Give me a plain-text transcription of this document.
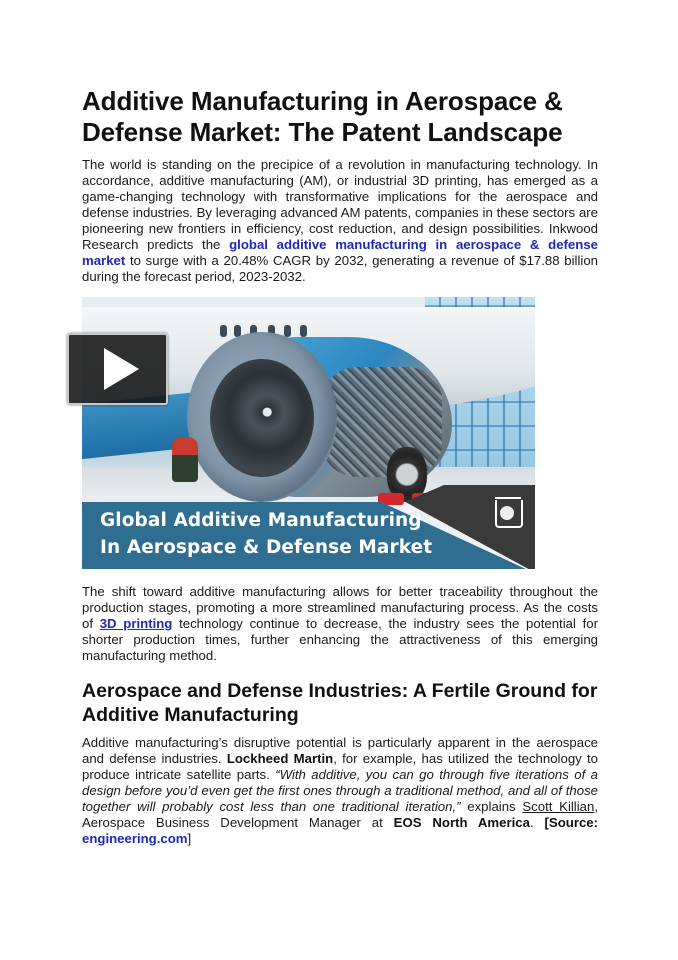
Additive Manufacturing in Aerospace & Defense Market: The Patent Landscape

The world is standing on the precipice of a revolution in manufacturing technology. In accordance, additive manufacturing (AM), or industrial 3D printing, has emerged as a game-changing technology with transformative implications for the aerospace and defense industries. By leveraging advanced AM patents, companies in these sectors are pioneering new frontiers in efficiency, cost reduction, and design possibilities. Inkwood Research predicts the global additive manufacturing in aerospace & defense market to surge with a 20.48% CAGR by 2032, generating a revenue of $17.88 billion during the forecast period, 2023-2032.

The shift toward additive manufacturing allows for better traceability throughout the production stages, promoting a more streamlined manufacturing process. As the costs of 3D printing technology continue to decrease, the industry sees the potential for shorter production times, further enhancing the attractiveness of this emerging manufacturing method.

Aerospace and Defense Industries: A Fertile Ground for Additive Manufacturing

Additive manufacturing’s disruptive potential is particularly apparent in the aerospace and defense industries. Lockheed Martin, for example, has utilized the technology to produce intricate satellite parts. “With additive, you can go through five iterations of a design before you’d even get the first ones through a traditional method, and all of those together will probably cost less than one traditional iteration,” explains Scott Killian, Aerospace Business Development Manager at EOS North America. [Source: engineering.com]

Global Additive Manufacturing
In Aerospace & Defense Market
